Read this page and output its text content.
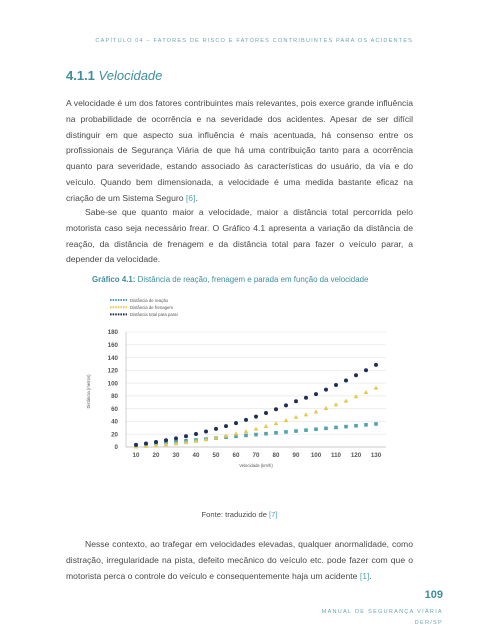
CAPÍTULO 04 – FATORES DE RISCO E FATORES CONTRIBUINTES PARA OS ACIDENTES
4.1.1 Velocidade

A velocidade é um dos fatores contribuintes mais relevantes, pois exerce grande influência na probabilidade de ocorrência e na severidade dos acidentes. Apesar de ser difícil distinguir em que aspecto sua influência é mais acentuada, há consenso entre os profissionais de Segurança Viária de que há uma contribuição tanto para a ocorrência quanto para severidade, estando associado às características do usuário, da via e do veículo. Quando bem dimensionada, a velocidade é uma medida bastante eficaz na criação de um Sistema Seguro [6].

Sabe-se que quanto maior a velocidade, maior a distância total percorrida pelo motorista caso seja necessário frear. O Gráfico 4.1 apresenta a variação da distância de reação, da distância de frenagem e da distância total para fazer o veículo parar, a depender da velocidade.

Gráfico 4.1: Distância de reação, frenagem e parada em função da velocidade
0
20
40
60
80
100
120
140
160
180
10 20 30 40 50 60 70 80 90 100 110 120 130
Velocidade (km/h)
Distância (metros)
Distância de reação
Distância de frenagem
Distância total para parar
Fonte: traduzido de [7]

Nesse contexto, ao trafegar em velocidades elevadas, qualquer anormalidade, como distração, irregularidade na pista, defeito mecânico do veículo etc. pode fazer com que o motorista perca o controle do veículo e consequentemente haja um acidente [1].

109
MANUAL DE SEGURANÇA VIÁRIA
DER/SP
